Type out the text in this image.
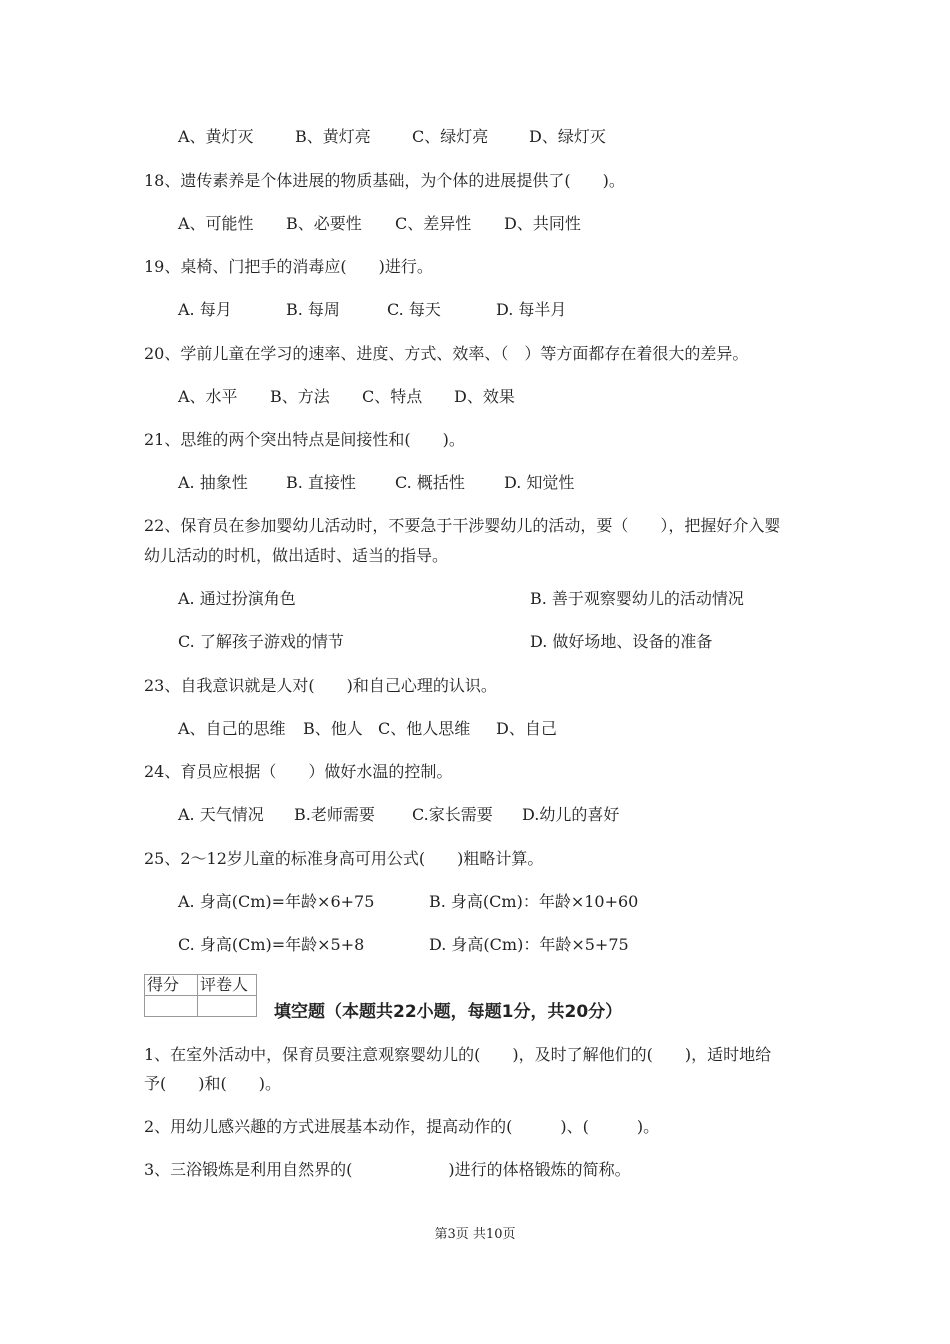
A、黄灯灭	B、黄灯亮	C、绿灯亮	D、绿灯灭
18、遗传素养是个体进展的物质基础，为个体的进展提供了(　　)。
A、可能性 B、必要性 C、差异性 D、共同性
19、桌椅、门把手的消毒应(　　)进行。
A. 每月	B. 每周	C. 每天	D. 每半月
20、学前儿童在学习的速率、进度、方式、效率、（　）等方面都存在着很大的差异。
A、水平 B、方法 C、特点 D、效果
21、思维的两个突出特点是间接性和(　　)。
A. 抽象性 B. 直接性 C. 概括性 D. 知觉性
22、保育员在参加婴幼儿活动时，不要急于干涉婴幼儿的活动，要（　　），把握好介入婴
幼儿活动的时机，做出适时、适当的指导。
A. 通过扮演角色	B. 善于观察婴幼儿的活动情况
C. 了解孩子游戏的情节	D. 做好场地、设备的准备
23、自我意识就是人对(　　)和自己心理的认识。
A、自己的思维 B、他人 C、他人思维 D、自己
24、育员应根据（　　）做好水温的控制。
A. 天气情况 B.老师需要 C.家长需要 D.幼儿的喜好
25、2～12岁儿童的标准身高可用公式(　　)粗略计算。
A. 身高(Cm)=年龄×6+75	B. 身高(Cm)：年龄×10+60
C. 身高(Cm)=年龄×5+8	D. 身高(Cm)：年龄×5+75
得分	评卷人

填空题（本题共22小题，每题1分，共20分）
1、在室外活动中，保育员要注意观察婴幼儿的(　　)，及时了解他们的(　　)，适时地给
予(　　)和(　　)。
2、用幼儿感兴趣的方式进展基本动作，提高动作的(　　　)、(　　　)。
3、三浴锻炼是利用自然界的(　　　　　　)进行的体格锻炼的简称。
第3页 共10页
